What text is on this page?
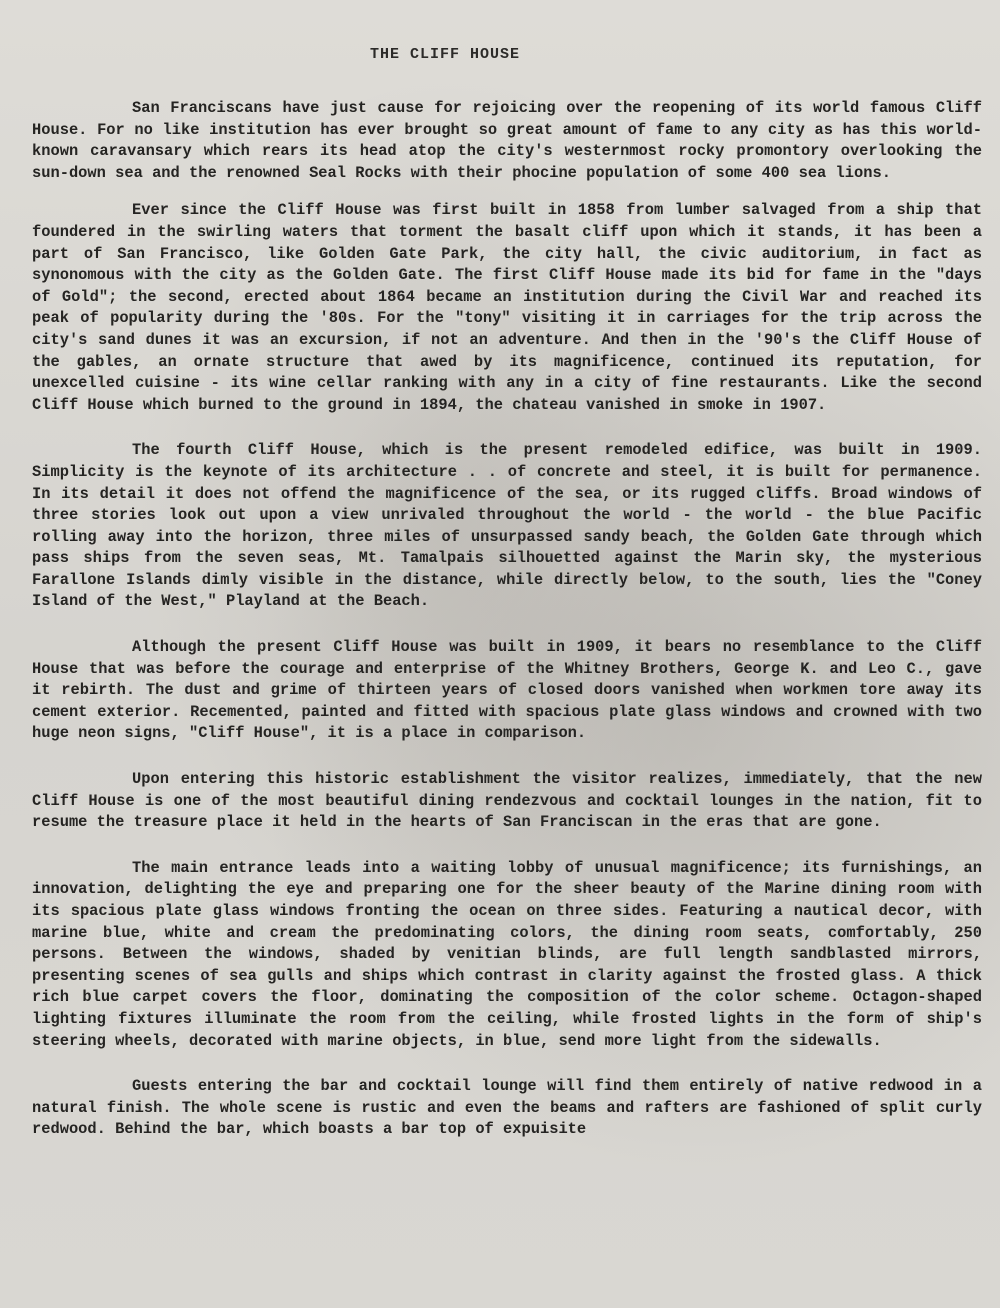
THE CLIFF HOUSE

San Franciscans have just cause for rejoicing over the reopening of its world famous Cliff House. For no like institution has ever brought so great amount of fame to any city as has this world-known caravansary which rears its head atop the city's westernmost rocky promontory overlooking the sun-down sea and the renowned Seal Rocks with their phocine population of some 400 sea lions.

Ever since the Cliff House was first built in 1858 from lumber salvaged from a ship that foundered in the swirling waters that torment the basalt cliff upon which it stands, it has been a part of San Francisco, like Golden Gate Park, the city hall, the civic auditorium, in fact as synonomous with the city as the Golden Gate. The first Cliff House made its bid for fame in the "days of Gold"; the second, erected about 1864 became an institution during the Civil War and reached its peak of popularity during the '80s. For the "tony" visiting it in carriages for the trip across the city's sand dunes it was an excursion, if not an adventure. And then in the '90's the Cliff House of the gables, an ornate structure that awed by its magnificence, continued its reputation, for unexcelled cuisine - its wine cellar ranking with any in a city of fine restaurants. Like the second Cliff House which burned to the ground in 1894, the chateau vanished in smoke in 1907.

The fourth Cliff House, which is the present remodeled edifice, was built in 1909. Simplicity is the keynote of its architecture . . of concrete and steel, it is built for permanence. In its detail it does not offend the magnificence of the sea, or its rugged cliffs. Broad windows of three stories look out upon a view unrivaled throughout the world - the world - the blue Pacific rolling away into the horizon, three miles of unsurpassed sandy beach, the Golden Gate through which pass ships from the seven seas, Mt. Tamalpais silhouetted against the Marin sky, the mysterious Farallone Islands dimly visible in the distance, while directly below, to the south, lies the "Coney Island of the West," Playland at the Beach.

Although the present Cliff House was built in 1909, it bears no resemblance to the Cliff House that was before the courage and enterprise of the Whitney Brothers, George K. and Leo C., gave it rebirth. The dust and grime of thirteen years of closed doors vanished when workmen tore away its cement exterior. Recemented, painted and fitted with spacious plate glass windows and crowned with two huge neon signs, "Cliff House", it is a place in comparison.

Upon entering this historic establishment the visitor realizes, immediately, that the new Cliff House is one of the most beautiful dining rendezvous and cocktail lounges in the nation, fit to resume the treasure place it held in the hearts of San Franciscan in the eras that are gone.

The main entrance leads into a waiting lobby of unusual magnificence; its furnishings, an innovation, delighting the eye and preparing one for the sheer beauty of the Marine dining room with its spacious plate glass windows fronting the ocean on three sides. Featuring a nautical decor, with marine blue, white and cream the predominating colors, the dining room seats, comfortably, 250 persons. Between the windows, shaded by venitian blinds, are full length sandblasted mirrors, presenting scenes of sea gulls and ships which contrast in clarity against the frosted glass. A thick rich blue carpet covers the floor, dominating the composition of the color scheme. Octagon-shaped lighting fixtures illuminate the room from the ceiling, while frosted lights in the form of ship's steering wheels, decorated with marine objects, in blue, send more light from the sidewalls.

Guests entering the bar and cocktail lounge will find them entirely of native redwood in a natural finish. The whole scene is rustic and even the beams and rafters are fashioned of split curly redwood. Behind the bar, which boasts a bar top of expuisite
